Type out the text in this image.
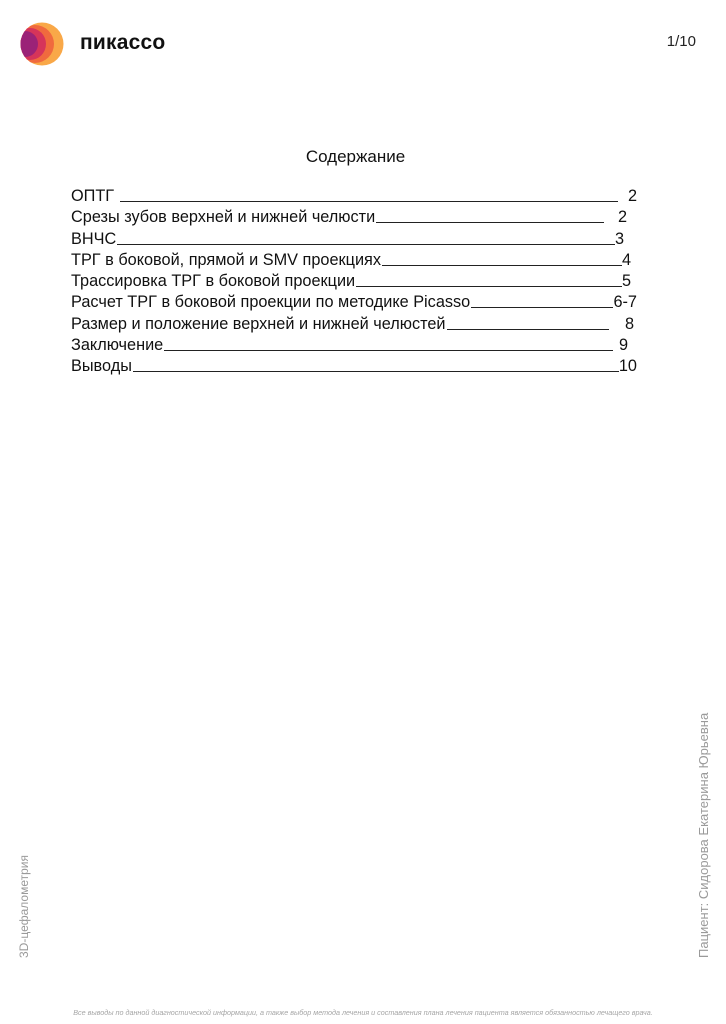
пикассо	1/10
Содержание
ОПТГ	2
Срезы зубов верхней и нижней челюсти	2
ВНЧС	3
ТРГ в боковой, прямой и SMV проекциях	4
Трассировка ТРГ в боковой проекции	5
Расчет ТРГ в боковой проекции по методике Picasso	6-7
Размер и положение верхней и нижней челюстей	8
Заключение	9
Выводы	10
3D-цефалометрия	Пациент: Сидорова Екатерина Юрьевна
Все выводы по данной диагностической информации, а также выбор метода лечения и составления плана лечения пациента является обязанностью лечащего врача.
